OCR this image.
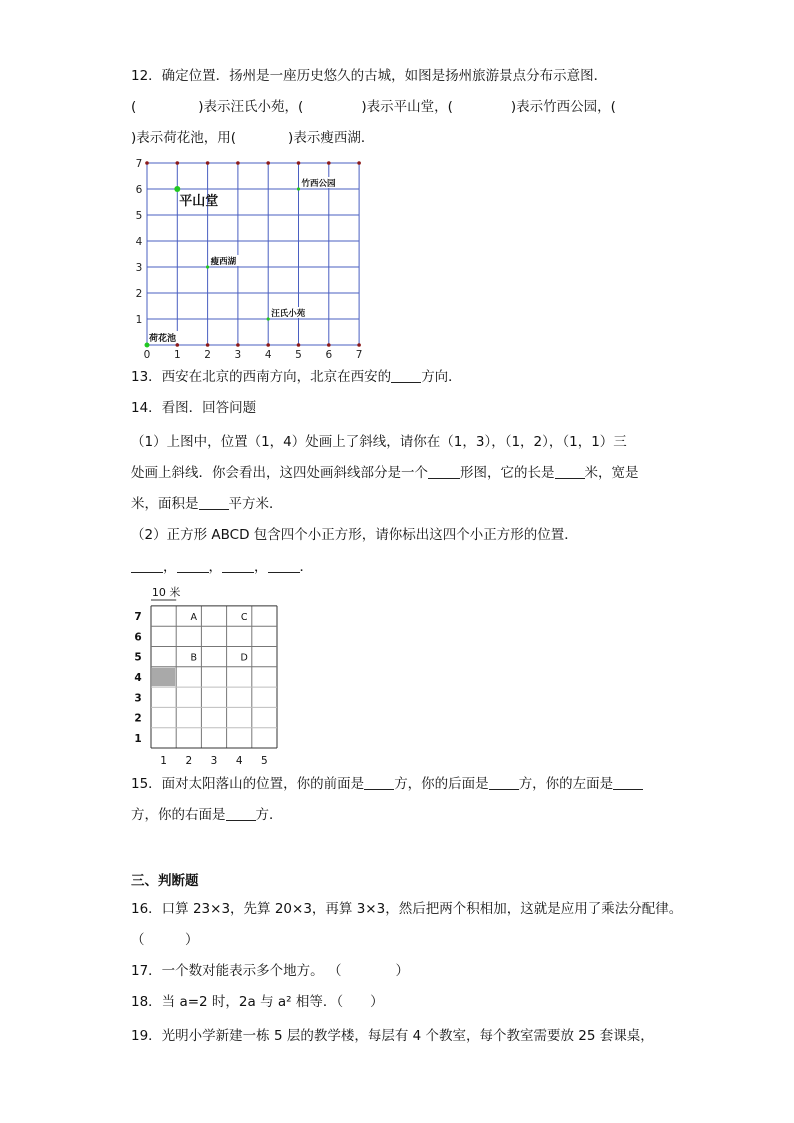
12．确定位置．扬州是一座历史悠久的古城，如图是扬州旅游景点分布示意图．
(	)表示汪氏小苑，(	)表示平山堂，(	)表示竹西公园，(
)表示荷花池，用(	)表示瘦西湖．
0 1 2 3 4 5 6 7
1
2
3
4
5
6
7
平山堂
竹西公园
瘦西湖
汪氏小苑
荷花池
13．西安在北京的西南方向，北京在西安的 方向．
14．看图．回答问题
（1）上图中，位置（1，4）处画上了斜线，请你在（1，3），（1，2），（1，1）三
处画上斜线．你会看出，这四处画斜线部分是一个 形图，它的长是 米，宽是
米，面积是 平方米．
（2）正方形 ABCD 包含四个小正方形，请你标出这四个小正方形的位置．
， ， ， ．
10 米
1 2 3 4 5
1
2
3
4
5
6
7	A	C
B	D
15．面对太阳落山的位置，你的前面是 方，你的后面是 方，你的左面是
方，你的右面是 方．
三、判断题
16．口算 23×3，先算 20×3，再算 3×3，然后把两个积相加，这就是应用了乘法分配律。
（　　　）
17．一个数对能表示多个地方。 （　　　　）
18．当 a=2 时，2a 与 a² 相等．（　　）
19．光明小学新建一栋 5 层的教学楼，每层有 4 个教室，每个教室需要放 25 套课桌，
